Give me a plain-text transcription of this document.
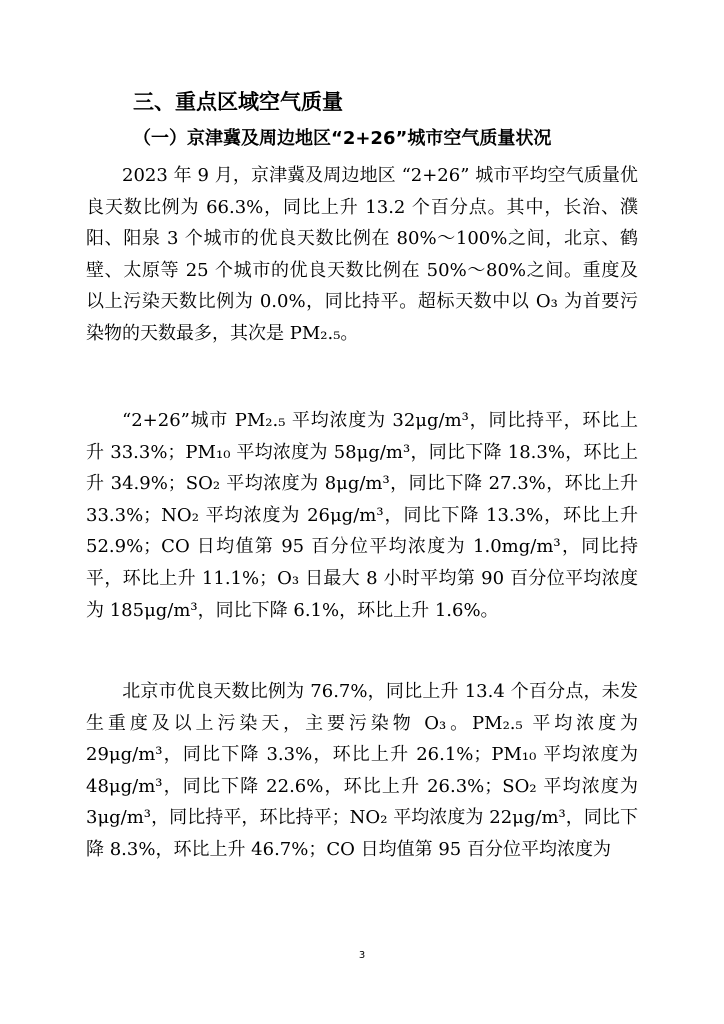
三、重点区域空气质量
（一）京津冀及周边地区“2+26”城市空气质量状况

2023 年 9 月，京津冀及周边地区 “2+26” 城市平均空气质量优良天数比例为 66.3%，同比上升 13.2 个百分点。其中，长治、濮阳、阳泉 3 个城市的优良天数比例在 80%～100%之间，北京、鹤壁、太原等 25 个城市的优良天数比例在 50%～80%之间。重度及以上污染天数比例为 0.0%，同比持平。超标天数中以 O₃ 为首要污染物的天数最多，其次是 PM₂.₅。

“2+26”城市 PM₂.₅ 平均浓度为 32μg/m³，同比持平，环比上升 33.3%；PM₁₀ 平均浓度为 58μg/m³，同比下降 18.3%，环比上升 34.9%；SO₂ 平均浓度为 8μg/m³，同比下降 27.3%，环比上升 33.3%；NO₂ 平均浓度为 26μg/m³，同比下降 13.3%，环比上升 52.9%；CO 日均值第 95 百分位平均浓度为 1.0mg/m³，同比持平，环比上升 11.1%；O₃ 日最大 8 小时平均第 90 百分位平均浓度为 185μg/m³，同比下降 6.1%，环比上升 1.6%。

北京市优良天数比例为 76.7%，同比上升 13.4 个百分点，未发生重度及以上污染天，主要污染物 O₃。PM₂.₅ 平均浓度为 29μg/m³，同比下降 3.3%，环比上升 26.1%；PM₁₀ 平均浓度为 48μg/m³，同比下降 22.6%，环比上升 26.3%；SO₂ 平均浓度为 3μg/m³，同比持平，环比持平；NO₂ 平均浓度为 22μg/m³，同比下降 8.3%，环比上升 46.7%；CO 日均值第 95 百分位平均浓度为

3
